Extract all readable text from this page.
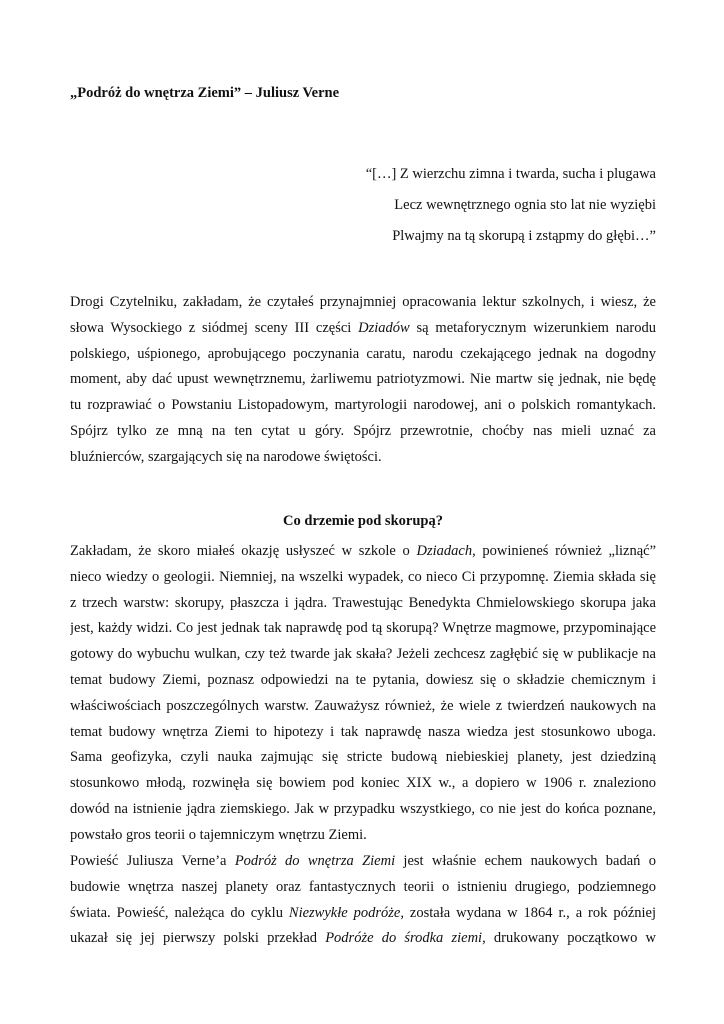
„Podróż do wnętrza Ziemi” – Juliusz Verne
“[…] Z wierzchu zimna i twarda, sucha i plugawa
Lecz wewnętrznego ognia sto lat nie wyziębi
Plwajmy na tą skorupą i zstąpmy do głębi…”

Drogi Czytelniku, zakładam, że czytałeś przynajmniej opracowania lektur szkolnych, i wiesz, że
słowa Wysockiego z siódmej sceny III części Dziadów są metaforycznym wizerunkiem narodu
polskiego, uśpionego, aprobującego poczynania caratu, narodu czekającego jednak na dogodny
moment, aby dać upust wewnętrznemu, żarliwemu patriotyzmowi. Nie martw się jednak, nie będę
tu rozprawiać o Powstaniu Listopadowym, martyrologii narodowej, ani o polskich romantykach.
Spójrz tylko ze mną na ten cytat u góry. Spójrz przewrotnie, choćby nas mieli uznać za
bluźnierców, szargających się na narodowe świętości.

Co drzemie pod skorupą?

Zakładam, że skoro miałeś okazję usłyszeć w szkole o Dziadach, powinieneś również „liznąć”
nieco wiedzy o geologii. Niemniej, na wszelki wypadek, co nieco Ci przypomnę. Ziemia składa się
z trzech warstw: skorupy, płaszcza i jądra. Trawestując Benedykta Chmielowskiego skorupa jaka
jest, każdy widzi. Co jest jednak tak naprawdę pod tą skorupą? Wnętrze magmowe, przypominające
gotowy do wybuchu wulkan, czy też twarde jak skała? Jeżeli zechcesz zagłębić się w publikacje na
temat budowy Ziemi, poznasz odpowiedzi na te pytania, dowiesz się o składzie chemicznym i
właściwościach poszczególnych warstw. Zauważysz również, że wiele z twierdzeń naukowych na
temat budowy wnętrza Ziemi to hipotezy i tak naprawdę nasza wiedza jest stosunkowo uboga.
Sama geofizyka, czyli nauka zajmując się stricte budową niebieskiej planety, jest dziedziną
stosunkowo młodą, rozwinęła się bowiem pod koniec XIX w., a dopiero w 1906 r. znaleziono
dowód na istnienie jądra ziemskiego. Jak w przypadku wszystkiego, co nie jest do końca poznane,
powstało gros teorii o tajemniczym wnętrzu Ziemi.

Powieść Juliusza Verne’a Podróż do wnętrza Ziemi jest właśnie echem naukowych badań o
budowie wnętrza naszej planety oraz fantastycznych teorii o istnieniu drugiego, podziemnego
świata. Powieść, należąca do cyklu Niezwykłe podróże, została wydana w 1864 r., a rok później
ukazał się jej pierwszy polski przekład Podróże do środka ziemi, drukowany początkowo w
